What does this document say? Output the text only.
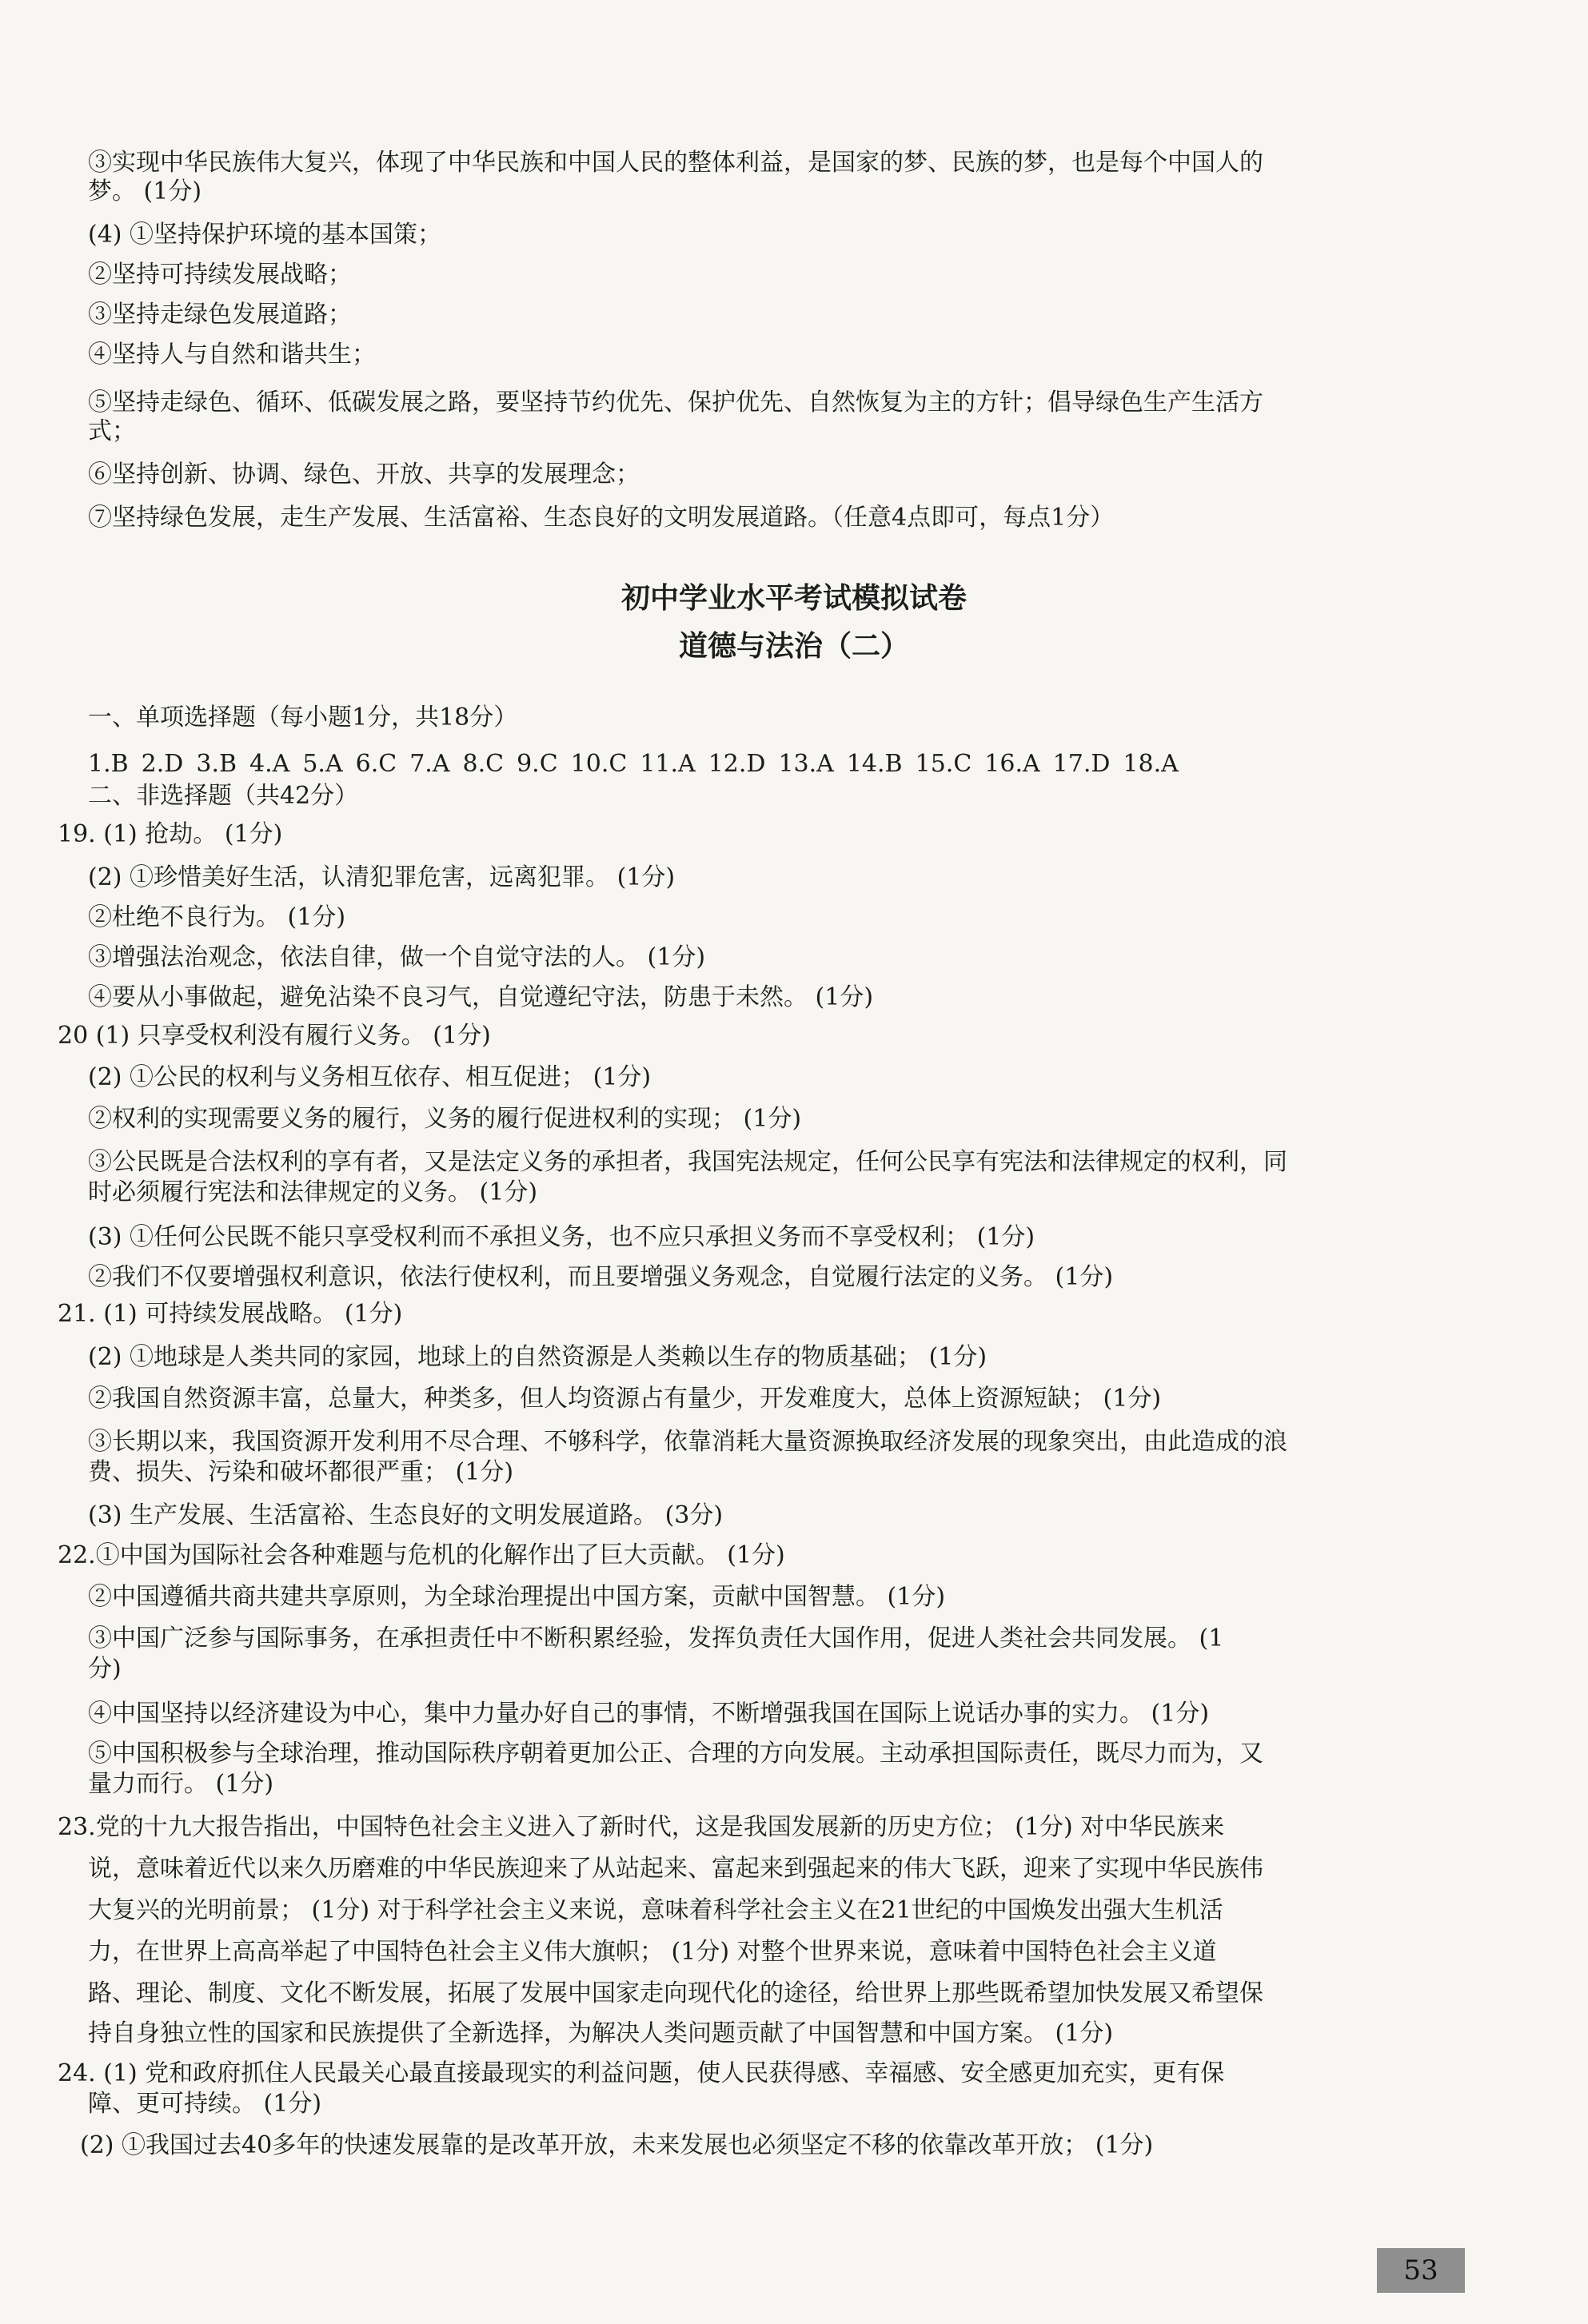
③实现中华民族伟大复兴，体现了中华民族和中国人民的整体利益，是国家的梦、民族的梦，也是每个中国人的
梦。 (1分)
(4) ①坚持保护环境的基本国策；
②坚持可持续发展战略；
③坚持走绿色发展道路；
④坚持人与自然和谐共生；
⑤坚持走绿色、循环、低碳发展之路，要坚持节约优先、保护优先、自然恢复为主的方针；倡导绿色生产生活方
式；
⑥坚持创新、协调、绿色、开放、共享的发展理念；
⑦坚持绿色发展，走生产发展、生活富裕、生态良好的文明发展道路。（任意4点即可，每点1分）
初中学业水平考试模拟试卷
道德与法治（二）
一、单项选择题（每小题1分，共18分）
1.B 2.D 3.B 4.A 5.A 6.C 7.A 8.C 9.C 10.C 11.A 12.D 13.A 14.B 15.C 16.A 17.D 18.A
二、非选择题（共42分）
19. (1) 抢劫。 (1分)
(2) ①珍惜美好生活，认清犯罪危害，远离犯罪。 (1分)
②杜绝不良行为。 (1分)
③增强法治观念，依法自律，做一个自觉守法的人。 (1分)
④要从小事做起，避免沾染不良习气，自觉遵纪守法，防患于未然。 (1分)
20 (1) 只享受权利没有履行义务。 (1分)
(2) ①公民的权利与义务相互依存、相互促进； (1分)
②权利的实现需要义务的履行，义务的履行促进权利的实现； (1分)
③公民既是合法权利的享有者，又是法定义务的承担者，我国宪法规定，任何公民享有宪法和法律规定的权利，同
时必须履行宪法和法律规定的义务。 (1分)
(3) ①任何公民既不能只享受权利而不承担义务，也不应只承担义务而不享受权利； (1分)
②我们不仅要增强权利意识，依法行使权利，而且要增强义务观念，自觉履行法定的义务。 (1分)
21. (1) 可持续发展战略。 (1分)
(2) ①地球是人类共同的家园，地球上的自然资源是人类赖以生存的物质基础； (1分)
②我国自然资源丰富，总量大，种类多，但人均资源占有量少，开发难度大，总体上资源短缺； (1分)
③长期以来，我国资源开发利用不尽合理、不够科学，依靠消耗大量资源换取经济发展的现象突出，由此造成的浪
费、损失、污染和破坏都很严重； (1分)
(3) 生产发展、生活富裕、生态良好的文明发展道路。 (3分)
22.①中国为国际社会各种难题与危机的化解作出了巨大贡献。 (1分)
②中国遵循共商共建共享原则，为全球治理提出中国方案，贡献中国智慧。 (1分)
③中国广泛参与国际事务，在承担责任中不断积累经验，发挥负责任大国作用，促进人类社会共同发展。 (1
分)
④中国坚持以经济建设为中心，集中力量办好自己的事情，不断增强我国在国际上说话办事的实力。 (1分)
⑤中国积极参与全球治理，推动国际秩序朝着更加公正、合理的方向发展。主动承担国际责任，既尽力而为，又
量力而行。 (1分)
23.党的十九大报告指出，中国特色社会主义进入了新时代，这是我国发展新的历史方位； (1分) 对中华民族来
说，意味着近代以来久历磨难的中华民族迎来了从站起来、富起来到强起来的伟大飞跃，迎来了实现中华民族伟
大复兴的光明前景； (1分) 对于科学社会主义来说，意味着科学社会主义在21世纪的中国焕发出强大生机活
力，在世界上高高举起了中国特色社会主义伟大旗帜； (1分) 对整个世界来说，意味着中国特色社会主义道
路、理论、制度、文化不断发展，拓展了发展中国家走向现代化的途径，给世界上那些既希望加快发展又希望保
持自身独立性的国家和民族提供了全新选择，为解决人类问题贡献了中国智慧和中国方案。 (1分)
24. (1) 党和政府抓住人民最关心最直接最现实的利益问题，使人民获得感、幸福感、安全感更加充实，更有保
障、更可持续。 (1分)
(2) ①我国过去40多年的快速发展靠的是改革开放，未来发展也必须坚定不移的依靠改革开放； (1分)
53
